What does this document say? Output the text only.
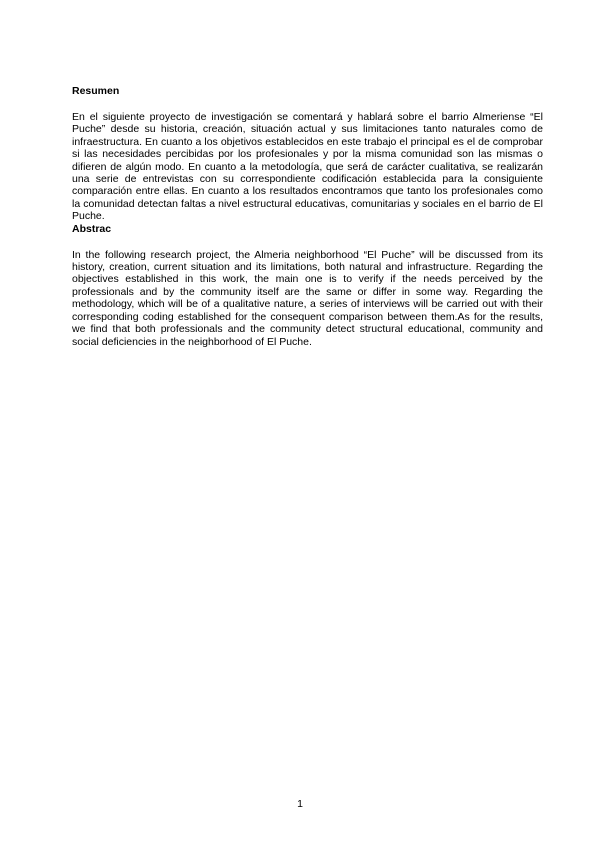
Resumen

En el siguiente proyecto de investigación se comentará y hablará sobre el barrio Almeriense “El Puche” desde su historia, creación, situación actual y sus limitaciones tanto naturales como de infraestructura. En cuanto a los objetivos establecidos en este trabajo el principal es el de comprobar si las necesidades percibidas por los profesionales y por la misma comunidad son las mismas o difieren de algún modo. En cuanto a la metodología, que será de carácter cualitativa, se realizarán una serie de entrevistas con su correspondiente codificación establecida para la consiguiente comparación entre ellas. En cuanto a los resultados encontramos que tanto los profesionales como la comunidad detectan faltas a nivel estructural educativas, comunitarias y sociales en el barrio de El Puche.

Abstrac

In the following research project, the Almeria neighborhood “El Puche” will be discussed from its history, creation, current situation and its limitations, both natural and infrastructure. Regarding the objectives established in this work, the main one is to verify if the needs perceived by the professionals and by the community itself are the same or differ in some way. Regarding the methodology, which will be of a qualitative nature, a series of interviews will be carried out with their corresponding coding established for the consequent comparison between them.As for the results, we find that both professionals and the community detect structural educational, community and social deficiencies in the neighborhood of El Puche.

1
